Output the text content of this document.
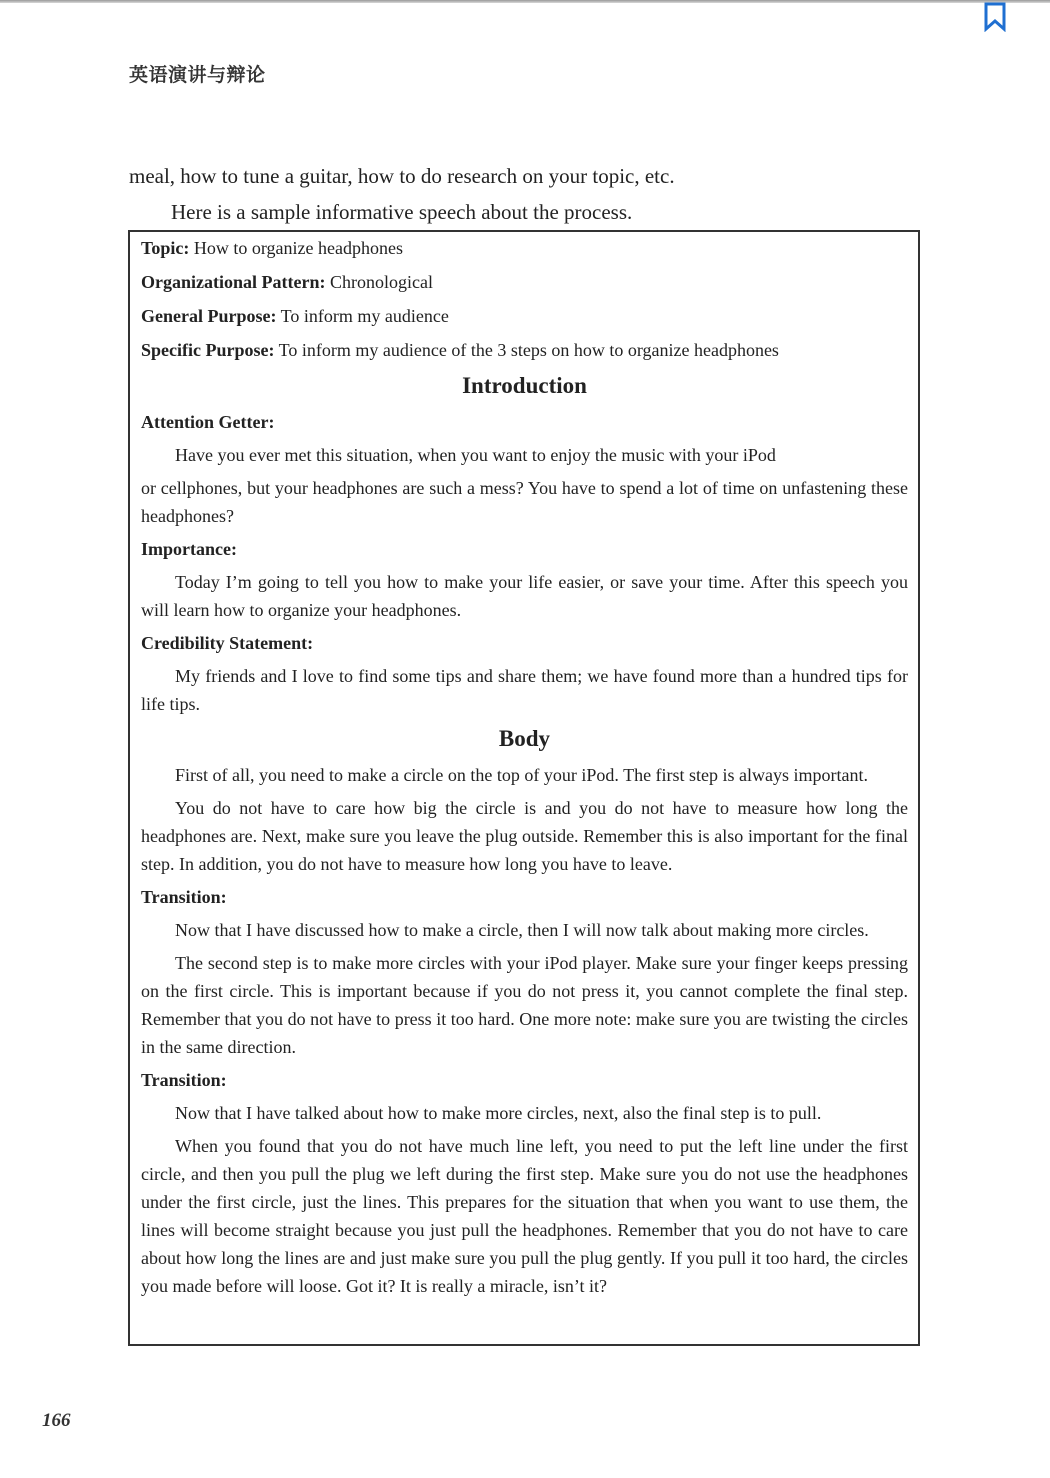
英语演讲与辩论

meal, how to tune a guitar, how to do research on your topic, etc.

Here is a sample informative speech about the process.

Topic: How to organize headphones

Organizational Pattern: Chronological

General Purpose: To inform my audience

Specific Purpose: To inform my audience of the 3 steps on how to organize headphones

Introduction

Attention Getter:

Have you ever met this situation, when you want to enjoy the music with your iPod

or cellphones, but your headphones are such a mess? You have to spend a lot of time on unfastening these headphones?

Importance:

Today I’m going to tell you how to make your life easier, or save your time. After this speech you will learn how to organize your headphones.

Credibility Statement:

My friends and I love to find some tips and share them; we have found more than a hundred tips for life tips.

Body

First of all, you need to make a circle on the top of your iPod. The first step is always important.

You do not have to care how big the circle is and you do not have to measure how long the headphones are. Next, make sure you leave the plug outside. Remember this is also important for the final step. In addition, you do not have to measure how long you have to leave.

Transition:

Now that I have discussed how to make a circle, then I will now talk about making more circles.

The second step is to make more circles with your iPod player. Make sure your finger keeps pressing on the first circle. This is important because if you do not press it, you cannot complete the final step. Remember that you do not have to press it too hard. One more note: make sure you are twisting the circles in the same direction.

Transition:

Now that I have talked about how to make more circles, next, also the final step is to pull.

When you found that you do not have much line left, you need to put the left line under the first circle, and then you pull the plug we left during the first step. Make sure you do not use the headphones under the first circle, just the lines. This prepares for the situation that when you want to use them, the lines will become straight because you just pull the headphones. Remember that you do not have to care about how long the lines are and just make sure you pull the plug gently. If you pull it too hard, the circles you made before will loose. Got it? It is really a miracle, isn’t it?

166
